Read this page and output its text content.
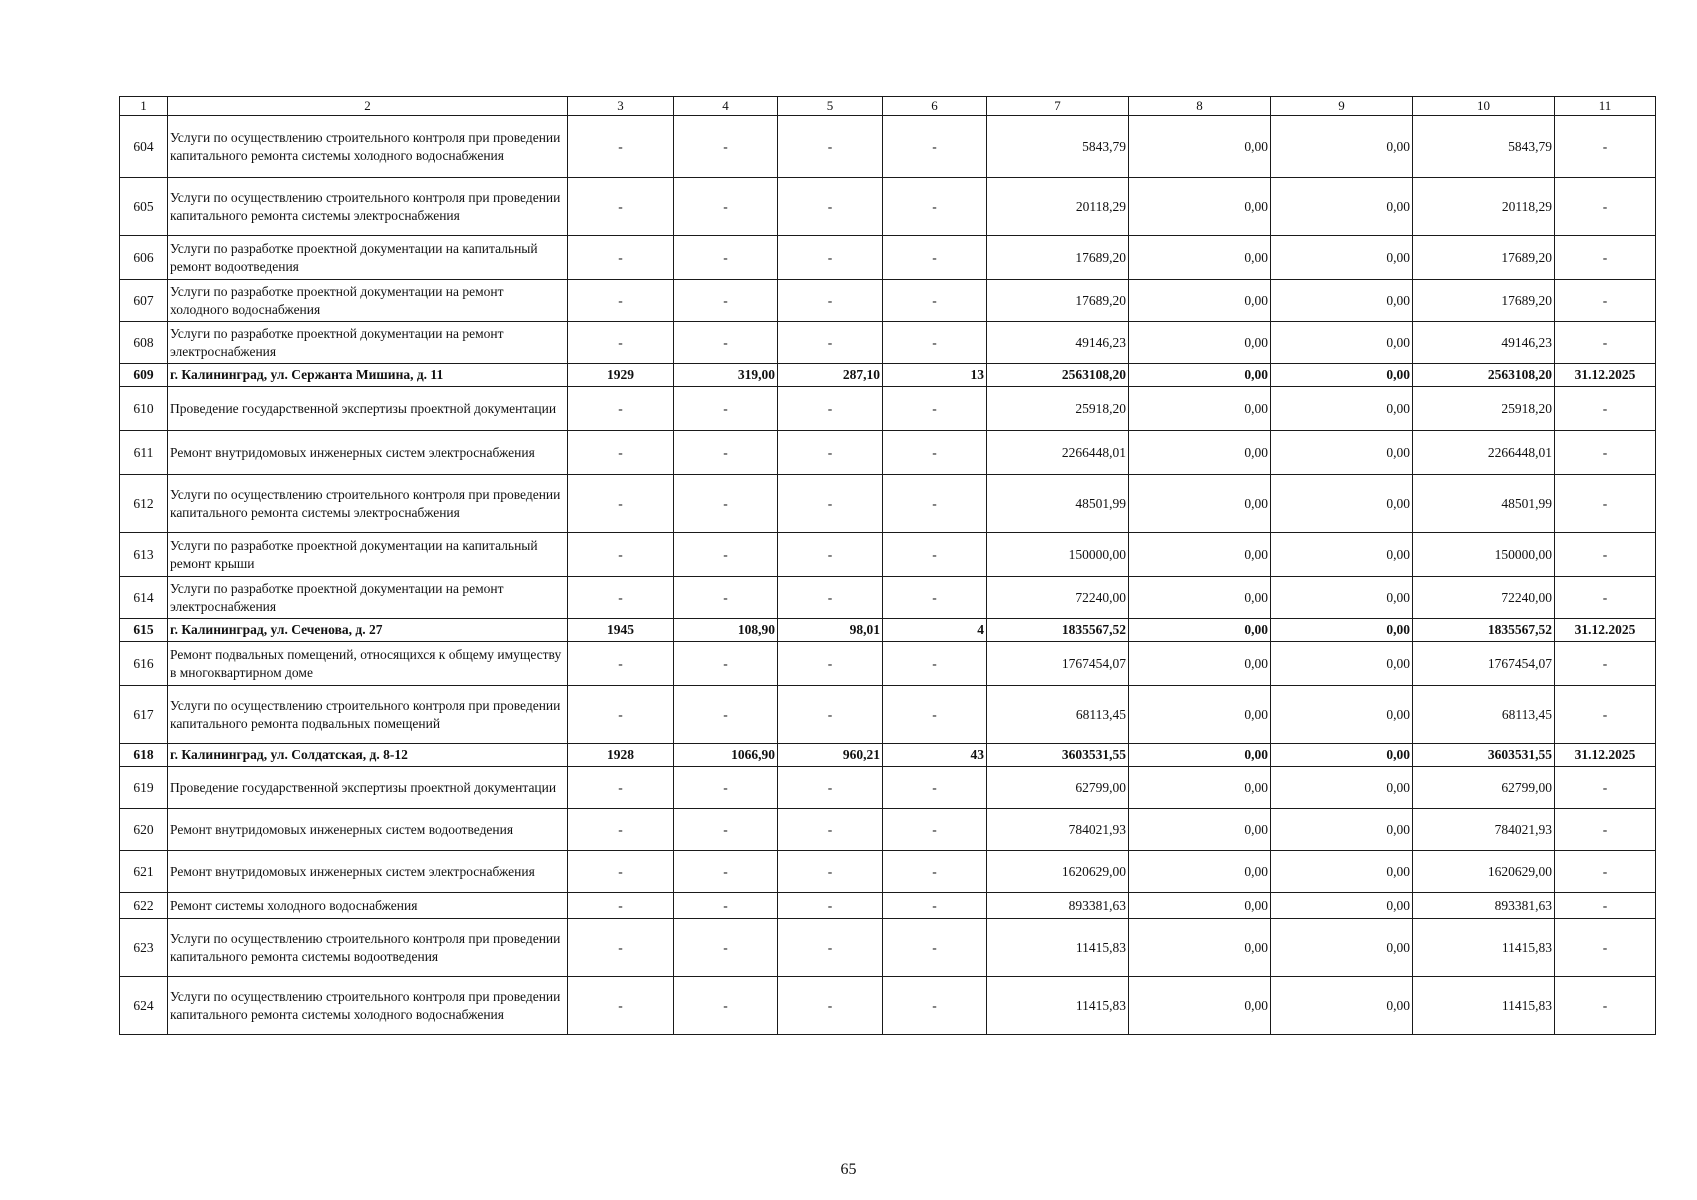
1	2	3	4	5	6	7	8	9	10	11
604	Услуги по осуществлению строительного контроля при проведении капитального ремонта системы холодного водоснабжения	-	-	-	-	5843,79	0,00	0,00	5843,79	-
605	Услуги по осуществлению строительного контроля при проведении капитального ремонта системы электроснабжения	-	-	-	-	20118,29	0,00	0,00	20118,29	-
606	Услуги по разработке проектной документации на капитальный ремонт водоотведения	-	-	-	-	17689,20	0,00	0,00	17689,20	-
607	Услуги по разработке проектной документации на ремонт холодного водоснабжения	-	-	-	-	17689,20	0,00	0,00	17689,20	-
608	Услуги по разработке проектной документации на ремонт электроснабжения	-	-	-	-	49146,23	0,00	0,00	49146,23	-
609	г. Калининград, ул. Сержанта Мишина, д. 11	1929	319,00	287,10	13	2563108,20	0,00	0,00	2563108,20	31.12.2025
610	Проведение государственной экспертизы проектной документации	-	-	-	-	25918,20	0,00	0,00	25918,20	-
611	Ремонт внутридомовых инженерных систем электроснабжения	-	-	-	-	2266448,01	0,00	0,00	2266448,01	-
612	Услуги по осуществлению строительного контроля при проведении капитального ремонта системы электроснабжения	-	-	-	-	48501,99	0,00	0,00	48501,99	-
613	Услуги по разработке проектной документации на капитальный ремонт крыши	-	-	-	-	150000,00	0,00	0,00	150000,00	-
614	Услуги по разработке проектной документации на ремонт электроснабжения	-	-	-	-	72240,00	0,00	0,00	72240,00	-
615	г. Калининград, ул. Сеченова, д. 27	1945	108,90	98,01	4	1835567,52	0,00	0,00	1835567,52	31.12.2025
616	Ремонт подвальных помещений, относящихся к общему имуществу в многоквартирном доме	-	-	-	-	1767454,07	0,00	0,00	1767454,07	-
617	Услуги по осуществлению строительного контроля при проведении капитального ремонта подвальных помещений	-	-	-	-	68113,45	0,00	0,00	68113,45	-
618	г. Калининград, ул. Солдатская, д. 8-12	1928	1066,90	960,21	43	3603531,55	0,00	0,00	3603531,55	31.12.2025
619	Проведение государственной экспертизы проектной документации	-	-	-	-	62799,00	0,00	0,00	62799,00	-
620	Ремонт внутридомовых инженерных систем водоотведения	-	-	-	-	784021,93	0,00	0,00	784021,93	-
621	Ремонт внутридомовых инженерных систем электроснабжения	-	-	-	-	1620629,00	0,00	0,00	1620629,00	-
622	Ремонт системы холодного водоснабжения	-	-	-	-	893381,63	0,00	0,00	893381,63	-
623	Услуги по осуществлению строительного контроля при проведении капитального ремонта системы водоотведения	-	-	-	-	11415,83	0,00	0,00	11415,83	-
624	Услуги по осуществлению строительного контроля при проведении капитального ремонта системы холодного водоснабжения	-	-	-	-	11415,83	0,00	0,00	11415,83	-
65
